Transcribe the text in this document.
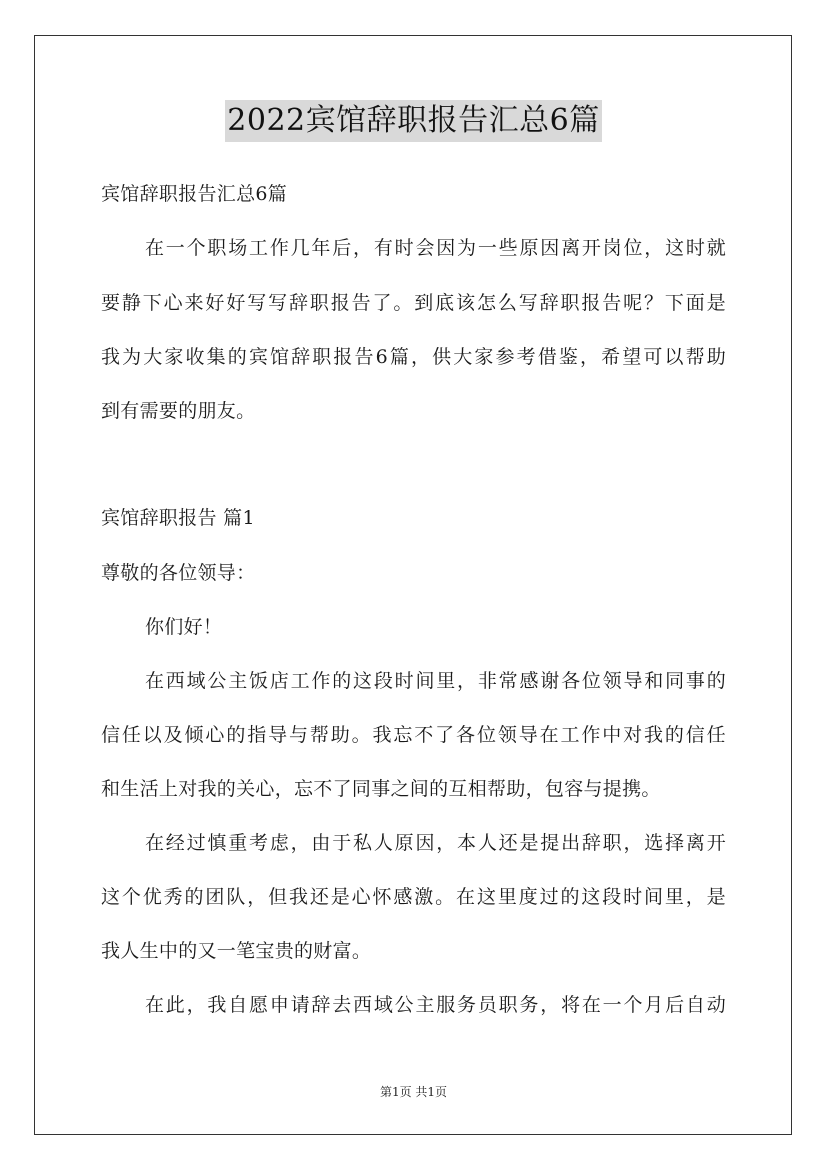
2022宾馆辞职报告汇总6篇
宾馆辞职报告汇总6篇
在一个职场工作几年后，有时会因为一些原因离开岗位，这时就
要静下心来好好写写辞职报告了。到底该怎么写辞职报告呢？下面是
我为大家收集的宾馆辞职报告6篇，供大家参考借鉴，希望可以帮助
到有需要的朋友。
宾馆辞职报告 篇1
尊敬的各位领导：
你们好！
在西域公主饭店工作的这段时间里，非常感谢各位领导和同事的
信任以及倾心的指导与帮助。我忘不了各位领导在工作中对我的信任
和生活上对我的关心，忘不了同事之间的互相帮助，包容与提携。
在经过慎重考虑，由于私人原因，本人还是提出辞职，选择离开
这个优秀的团队，但我还是心怀感激。在这里度过的这段时间里，是
我人生中的又一笔宝贵的财富。
在此，我自愿申请辞去西域公主服务员职务，将在一个月后自动
第1页 共1页
